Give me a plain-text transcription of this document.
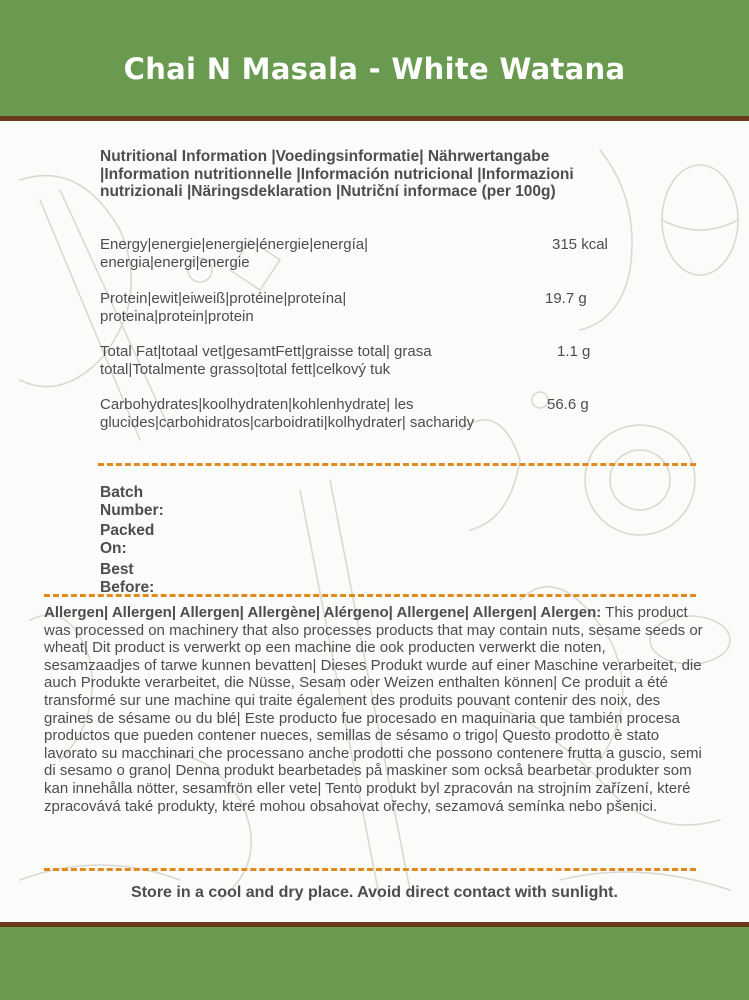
Chai N Masala - White Watana
Nutritional Information |Voedingsinformatie| Nährwertangabe |Information nutritionnelle |Información nutricional |Informazioni nutrizionali |Näringsdeklaration |Nutriční informace (per 100g)
Energy|energie|energie|énergie|energía| energia|energi|energie
315 kcal
Protein|ewit|eiweiß|protéine|proteína| proteina|protein|protein
19.7 g
Total Fat|totaal vet|gesamtFett|graisse total| grasa total|Totalmente grasso|total fett|celkový tuk
1.1 g
Carbohydrates|koolhydraten|kohlenhydrate| les glucides|carbohidratos|carboidrati|kolhydrater| sacharidy
56.6 g
Batch Number:
Packed On:
Best Before:
Allergen| Allergen| Allergen| Allergène| Alérgeno| Allergene| Allergen| Alergen: This product was processed on machinery that also processes products that may contain nuts, sesame seeds or wheat| Dit product is verwerkt op een machine die ook producten verwerkt die noten, sesamzaadjes of tarwe kunnen bevatten| Dieses Produkt wurde auf einer Maschine verarbeitet, die auch Produkte verarbeitet, die Nüsse, Sesam oder Weizen enthalten können| Ce produit a été transformé sur une machine qui traite également des produits pouvant contenir des noix, des graines de sésame ou du blé| Este producto fue procesado en maquinaria que también procesa productos que pueden contener nueces, semillas de sésamo o trigo| Questo prodotto è stato lavorato su macchinari che processano anche prodotti che possono contenere frutta a guscio, semi di sesamo o grano| Denna produkt bearbetades på maskiner som också bearbetar produkter som kan innehålla nötter, sesamfrön eller vete| Tento produkt byl zpracován na strojním zařízení, které zpracovává také produkty, které mohou obsahovat ořechy, sezamová semínka nebo pšenici.
Store in a cool and dry place. Avoid direct contact with sunlight.
